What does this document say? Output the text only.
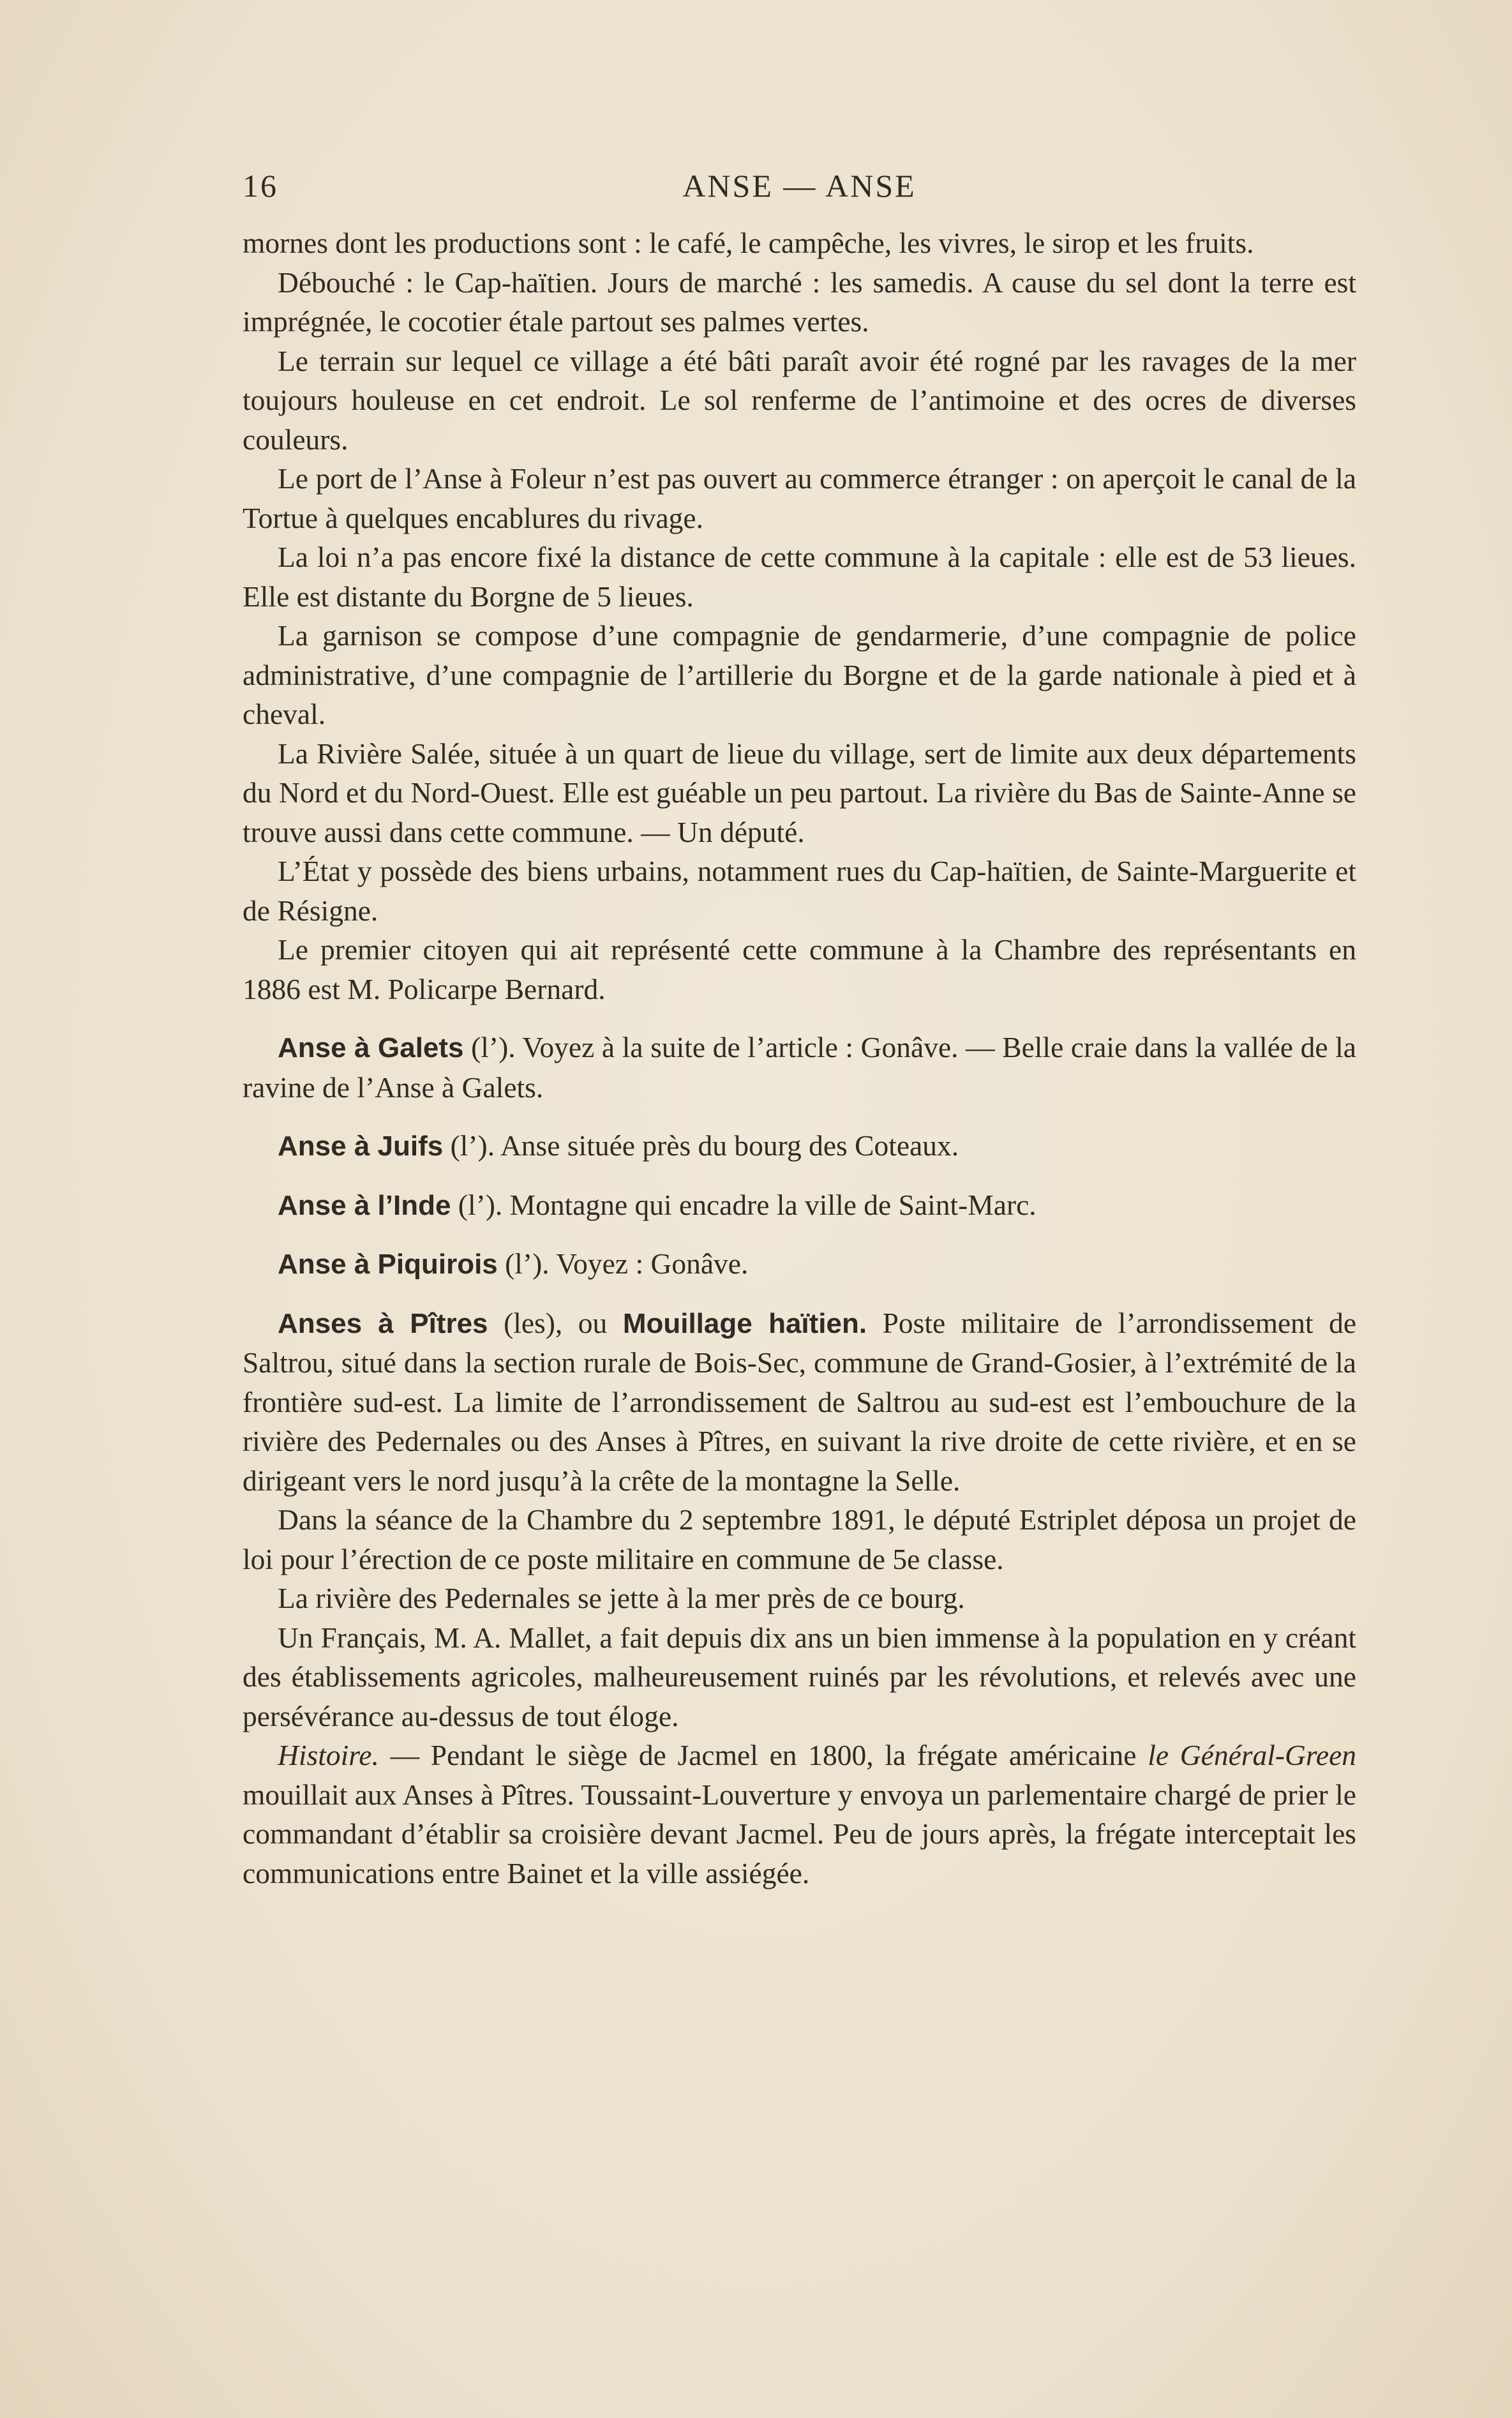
16	ANSE — ANSE

mornes dont les productions sont : le café, le campêche, les vivres, le sirop et les fruits.

Débouché : le Cap-haïtien. Jours de marché : les samedis. A cause du sel dont la terre est imprégnée, le cocotier étale partout ses palmes vertes.

Le terrain sur lequel ce village a été bâti paraît avoir été rogné par les ravages de la mer toujours houleuse en cet endroit. Le sol renferme de l’antimoine et des ocres de diverses couleurs.

Le port de l’Anse à Foleur n’est pas ouvert au commerce étranger : on aperçoit le canal de la Tortue à quelques encablures du rivage.

La loi n’a pas encore fixé la distance de cette commune à la capitale : elle est de 53 lieues. Elle est distante du Borgne de 5 lieues.

La garnison se compose d’une compagnie de gendarmerie, d’une compagnie de police administrative, d’une compagnie de l’artillerie du Borgne et de la garde nationale à pied et à cheval.

La Rivière Salée, située à un quart de lieue du village, sert de limite aux deux départements du Nord et du Nord-Ouest. Elle est guéable un peu partout. La rivière du Bas de Sainte-Anne se trouve aussi dans cette commune. — Un député.

L’État y possède des biens urbains, notamment rues du Cap-haïtien, de Sainte-Marguerite et de Résigne.

Le premier citoyen qui ait représenté cette commune à la Chambre des représentants en 1886 est M. Policarpe Bernard.

Anse à Galets (l’). Voyez à la suite de l’article : Gonâve. — Belle craie dans la vallée de la ravine de l’Anse à Galets.

Anse à Juifs (l’). Anse située près du bourg des Coteaux.

Anse à l’Inde (l’). Montagne qui encadre la ville de Saint-Marc.

Anse à Piquirois (l’). Voyez : Gonâve.

Anses à Pîtres (les), ou Mouillage haïtien. Poste militaire de l’arrondissement de Saltrou, situé dans la section rurale de Bois-Sec, commune de Grand-Gosier, à l’extrémité de la frontière sud-est. La limite de l’arrondissement de Saltrou au sud-est est l’embouchure de la rivière des Pedernales ou des Anses à Pîtres, en suivant la rive droite de cette rivière, et en se dirigeant vers le nord jusqu’à la crête de la montagne la Selle.

Dans la séance de la Chambre du 2 septembre 1891, le député Estriplet déposa un projet de loi pour l’érection de ce poste militaire en commune de 5e classe.

La rivière des Pedernales se jette à la mer près de ce bourg.

Un Français, M. A. Mallet, a fait depuis dix ans un bien immense à la population en y créant des établissements agricoles, malheureusement ruinés par les révolutions, et relevés avec une persévérance au-dessus de tout éloge.

Histoire. — Pendant le siège de Jacmel en 1800, la frégate américaine le Général-Green mouillait aux Anses à Pîtres. Toussaint-Louverture y envoya un parlementaire chargé de prier le commandant d’établir sa croisière devant Jacmel. Peu de jours après, la frégate interceptait les communications entre Bainet et la ville assiégée.
